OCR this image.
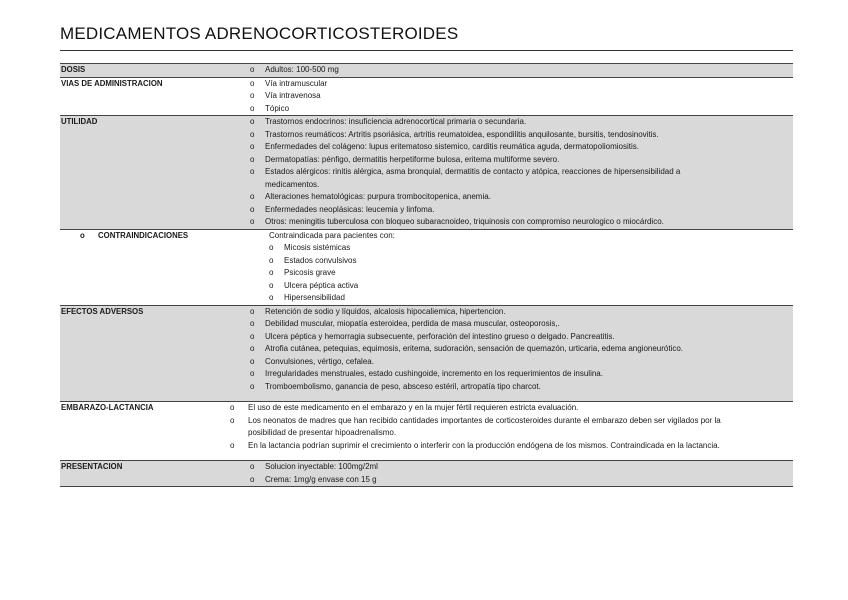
MEDICAMENTOS ADRENOCORTICOSTEROIDES
DOSIS	o	Adultos: 100-500 mg
VIAS DE ADMINISTRACION	o	Vía intramuscular
o	Vía intravenosa
o	Tópico
UTILIDAD	o	Trastornos endocrinos: insuficiencia adrenocortical primaria o secundaria.
o	Trastornos reumáticos: Artritis psoriásica, artritis reumatoidea, espondilitis anquilosante, bursitis, tendosinovitis.
o	Enfermedades del colágeno: lupus eritematoso sistemico, carditis reumática aguda, dermatopoliomiositis.
o	Dermatopatías: pénfigo, dermatitis herpetiforme bulosa, eritema multiforme severo.
o	Estados alérgicos: rinitis alérgica, asma bronquial, dermatitis de contacto y atópica, reacciones de hipersensibilidad a medicamentos.
o	Alteraciones hematológicas: purpura trombocitopenica, anemia.
o	Enfermedades neoplásicas: leucemia y linfoma.
o	Otros: meningitis tuberculosa con bloqueo subaracnoideo, triquinosis con compromiso neurologico o miocárdico.
o CONTRAINDICACIONES	Contraindicada para pacientes con:
o	Micosis sistémicas
o	Estados convulsivos
o	Psicosis grave
o	Ulcera péptica activa
o	Hipersensibilidad
EFECTOS ADVERSOS	o	Retención de sodio y líquidos, alcalosis hipocaliemica, hipertencion.
o	Debilidad muscular, miopatía esteroidea, perdida de masa muscular, osteoporosis,.
o	Ulcera péptica y hemorragia subsecuente, perforación del intestino grueso o delgado. Pancreatitis.
o	Atrofia cutánea, petequias, equimosis, eritema, sudoración, sensación de quemazón, urticaria, edema angioneurótico.
o	Convulsiones, vértigo, cefalea.
o	Irregularidades menstruales, estado cushingoide, incremento en los requerimientos de insulina.
o	Tromboembolismo, ganancia de peso, absceso estéril, artropatía tipo charcot.
EMBARAZO-LACTANCIA	o	El uso de este medicamento en el embarazo y en la mujer fértil requieren estricta evaluación.
o	Los neonatos de madres que han recibido cantidades importantes de corticosteroides durante el embarazo deben ser vigilados por la posibilidad de presentar hipoadrenalismo.
o	En la lactancia podrían suprimir el crecimiento o interferir con la producción endógena de los mismos. Contraindicada en la lactancia.
PRESENTACION	o	Solucion inyectable: 100mg/2ml
o	Crema: 1mg/g envase con 15 g
